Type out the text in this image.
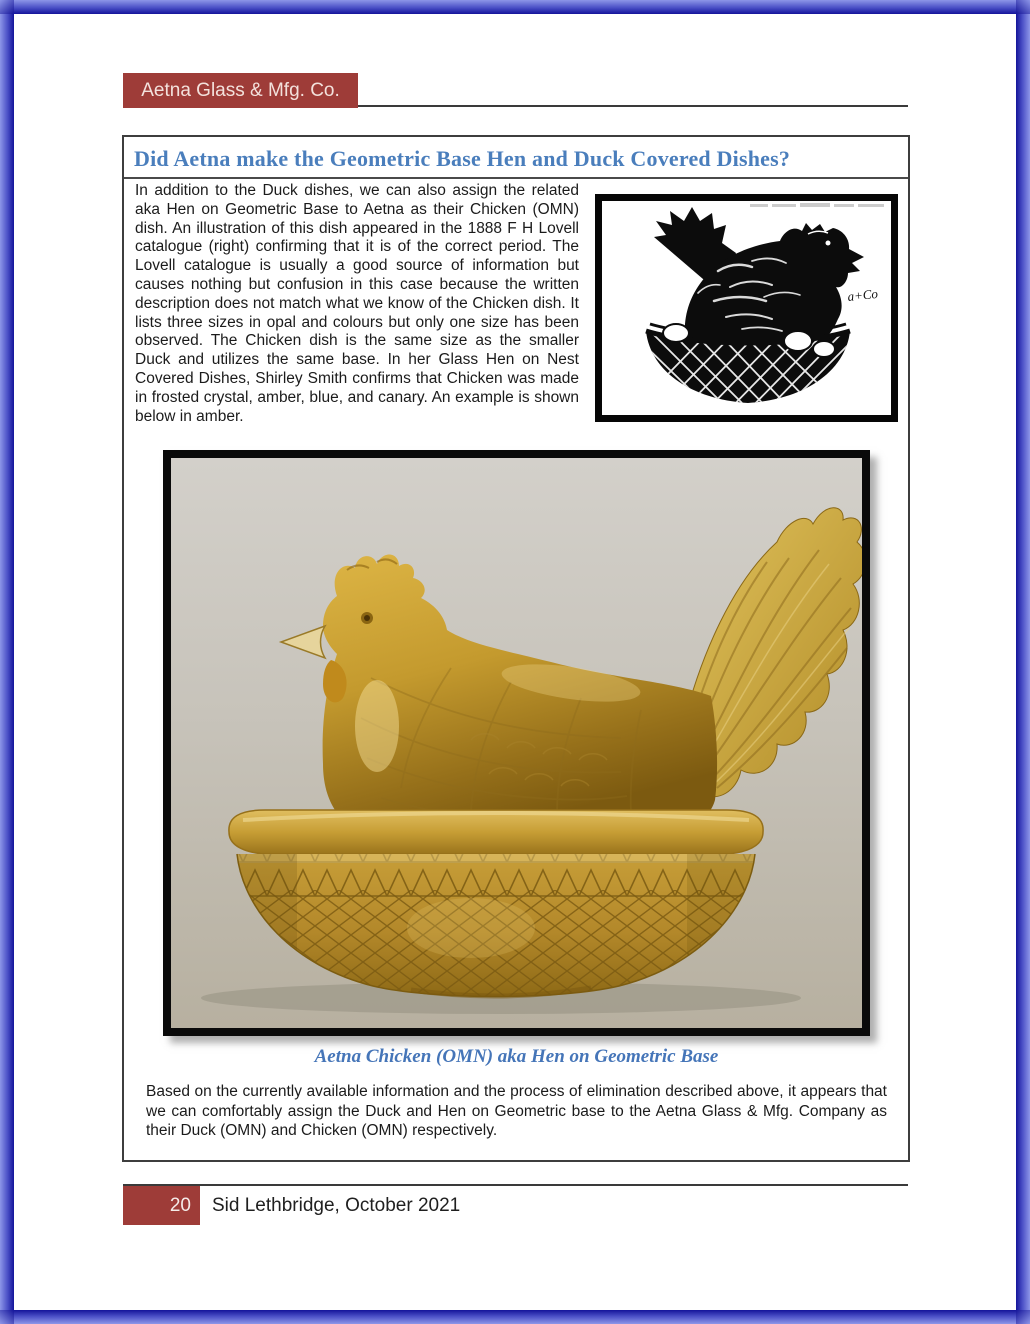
Aetna Glass & Mfg. Co.
Did Aetna make the Geometric Base Hen and Duck Covered Dishes?
a+Co

In addition to the Duck dishes, we can also assign the related aka Hen on Geometric Base to Aetna as their Chicken (OMN) dish. An illustration of this dish appeared in the 1888 F H Lovell catalogue (right) confirming that it is of the correct period. The Lovell catalogue is usually a good source of information but causes nothing but confusion in this case because the written description does not match what we know of the Chicken dish. It lists three sizes in opal and colours but only one size has been observed. The Chicken dish is the same size as the smaller Duck and utilizes the same base. In her Glass Hen on Nest Covered Dishes, Shirley Smith confirms that Chicken was made in frosted crystal, amber, blue, and canary. An example is shown below in amber.

Aetna Chicken (OMN) aka Hen on Geometric Base
Based on the currently available information and the process of elimination described above, it appears that we can comfortably assign the Duck and Hen on Geometric base to the Aetna Glass & Mfg. Company as their Duck (OMN) and Chicken (OMN) respectively.
20	Sid Lethbridge, October 2021
